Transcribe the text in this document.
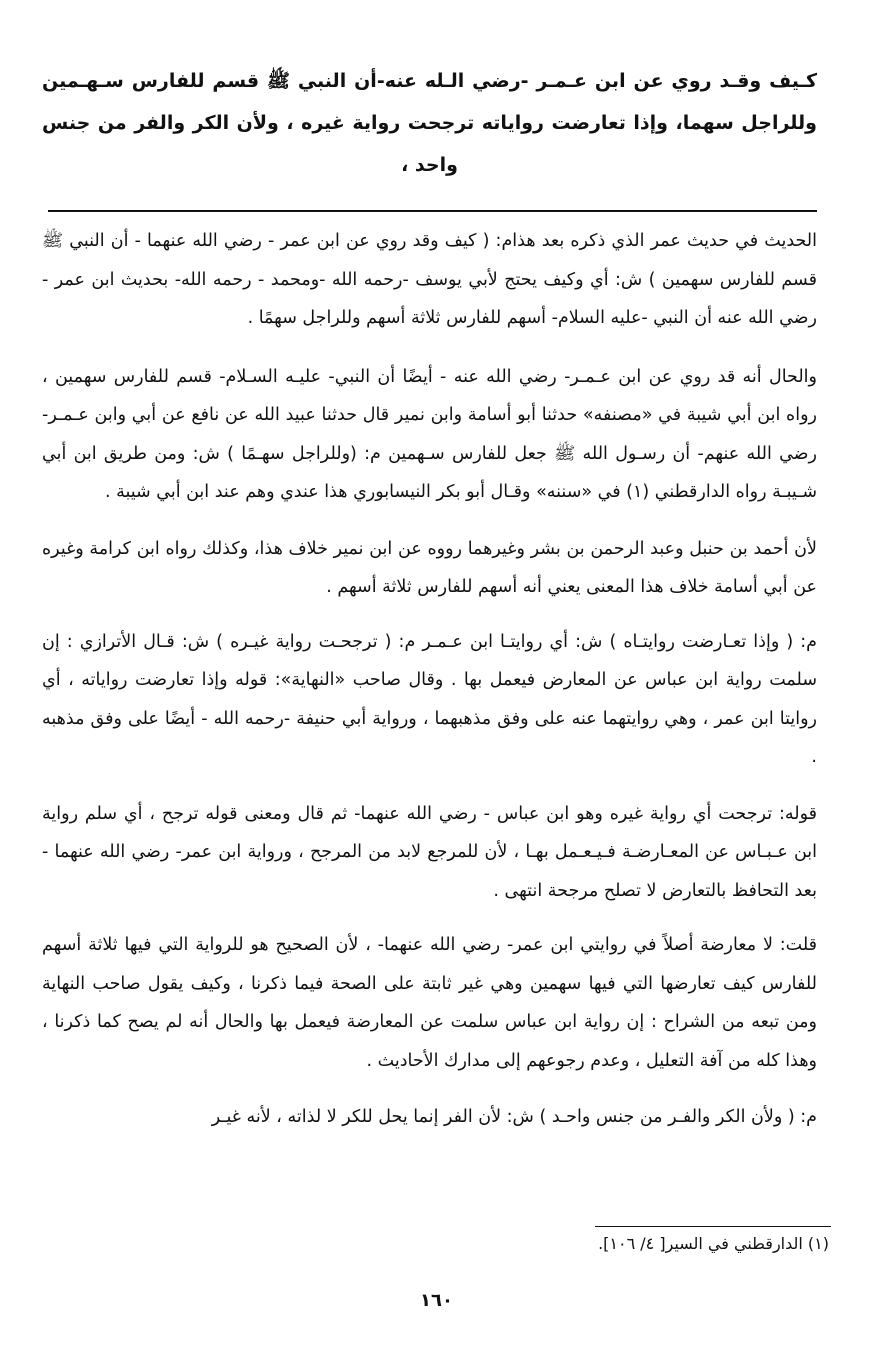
كـيف وقـد روي عن ابن عـمـر -رضي الـله عنه-أن النبي ﷺ قسم للفارس سـهـمين وللراجل سهما، وإذا تعارضت رواياته ترجحت رواية غيره ، ولأن الكر والفر من جنس واحد ،

الحديث في حديث عمر الذي ذكره بعد هذام: ( كيف وقد روي عن ابن عمر - رضي الله عنهما - أن النبي ﷺ قسم للفارس سهمين ) ش: أي وكيف يحتج لأبي يوسف -رحمه الله -ومحمد - رحمه الله- بحديث ابن عمر - رضي الله عنه أن النبي -عليه السلام- أسهم للفارس ثلاثة أسهم وللراجل سهمًا .

والحال أنه قد روي عن ابن عـمـر- رضي الله عنه - أيضًا أن النبي- عليـه السـلام- قسم للفارس سهمين ، رواه ابن أبي شيبة في «مصنفه» حدثنا أبو أسامة وابن نمير قال حدثنا عبيد الله عن نافع عن أبي وابن عـمـر- رضي الله عنهم- أن رسـول الله ﷺ جعل للفارس سـهمين م: (وللراجل سهـمًا ) ش: ومن طريق ابن أبي شـيبـة رواه الدارقطني (١) في «سننه» وقـال أبو بكر النيسابوري هذا عندي وهم عند ابن أبي شيبة .

لأن أحمد بن حنبل وعبد الرحمن بن بشر وغيرهما رووه عن ابن نمير خلاف هذا، وكذلك رواه ابن كرامة وغيره عن أبي أسامة خلاف هذا المعنى يعني أنه أسهم للفارس ثلاثة أسهم .

م: ( وإذا تعـارضت روايتـاه ) ش: أي روايتـا ابن عـمـر م: ( ترجحـت رواية غيـره ) ش: قـال الأترازي : إن سلمت رواية ابن عباس عن المعارض فيعمل بها . وقال صاحب «النهاية»: قوله وإذا تعارضت رواياته ، أي روايتا ابن عمر ، وهي روايتهما عنه على وفق مذهبهما ، ورواية أبي حنيفة -رحمه الله - أيضًا على وفق مذهبه .

قوله: ترجحت أي رواية غيره وهو ابن عباس - رضي الله عنهما- ثم قال ومعنى قوله ترجح ، أي سلم رواية ابن عـبـاس عن المعـارضـة فـيـعـمل بهـا ، لأن للمرجع لابد من المرجح ، ورواية ابن عمر- رضي الله عنهما - بعد التحافظ بالتعارض لا تصلح مرجحة انتهى .

قلت: لا معارضة أصلاً في روايتي ابن عمر- رضي الله عنهما- ، لأن الصحيح هو للرواية التي فيها ثلاثة أسهم للفارس كيف تعارضها التي فيها سهمين وهي غير ثابتة على الصحة فيما ذكرنا ، وكيف يقول صاحب النهاية ومن تبعه من الشراح : إن رواية ابن عباس سلمت عن المعارضة فيعمل بها والحال أنه لم يصح كما ذكرنا ، وهذا كله من آفة التعليل ، وعدم رجوعهم إلى مدارك الأحاديث .

م: ( ولأن الكر والفـر من جنس واحـد ) ش: لأن الفر إنما يحل للكر لا لذاته ، لأنه غيـر

(١) الدارقطني في السير[ ٤/ ١٠٦].
١٦٠
